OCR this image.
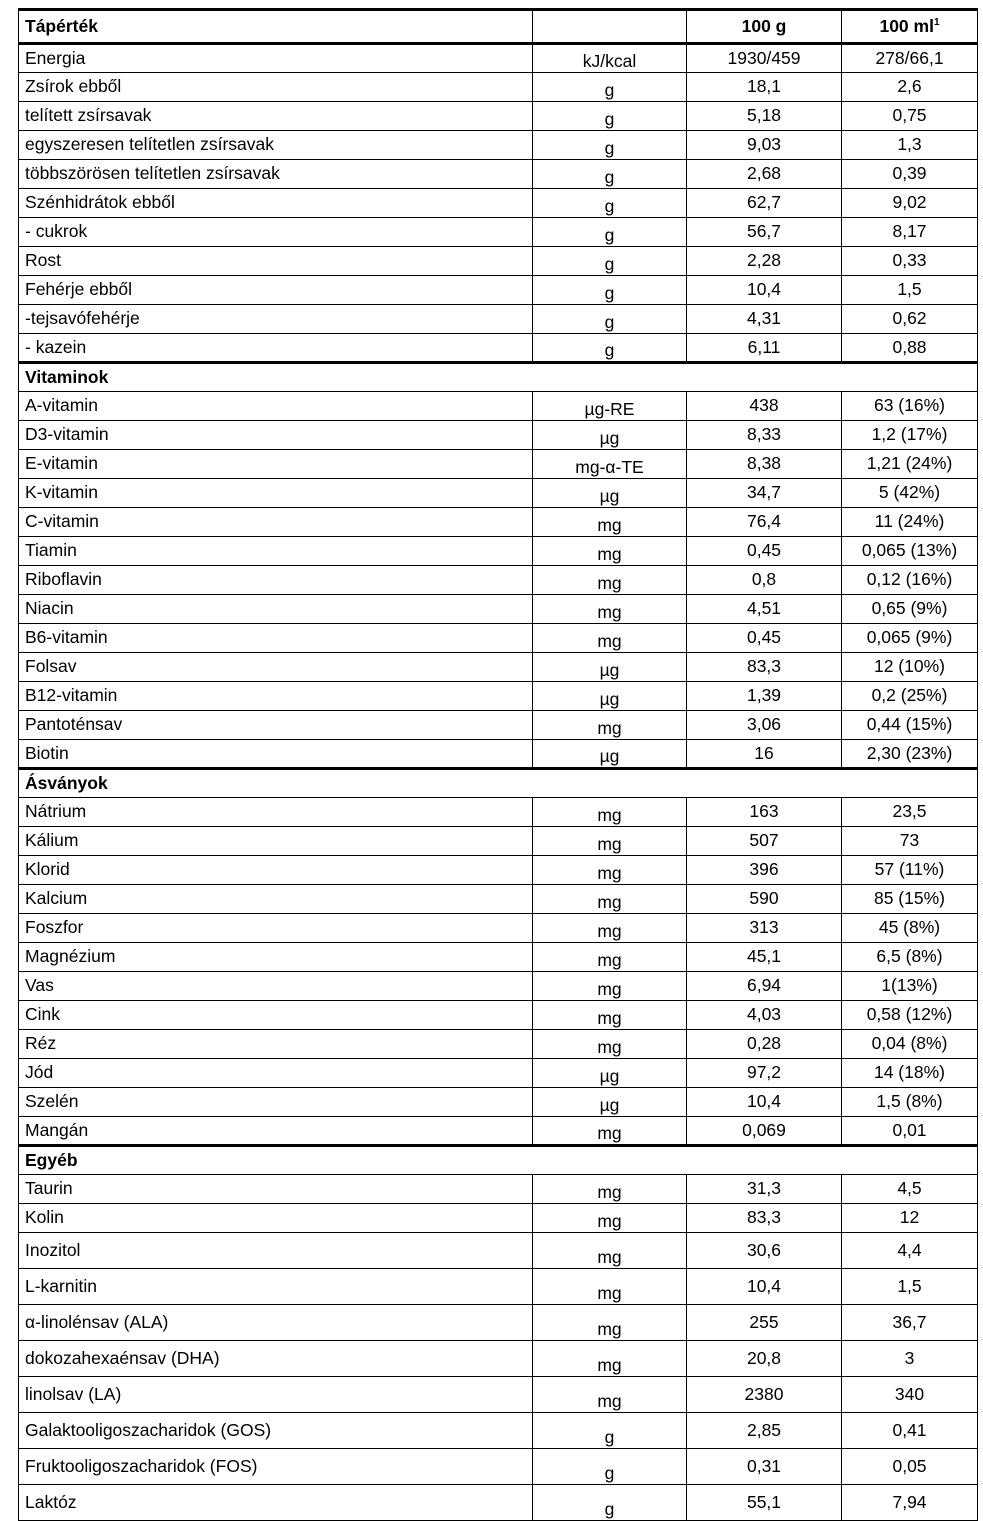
Tápérték		100 g	100 $ml^1$
Energia	kJ/kcal	1930/459	278/66,1
Zsírok ebből	g	18,1	2,6
telített zsírsavak	g	5,18	0,75
egyszeresen telítetlen zsírsavak	g	9,03	1,3
többszörösen telítetlen zsírsavak	g	2,68	0,39
Szénhidrátok ebből	g	62,7	9,02
- cukrok	g	56,7	8,17
Rost	g	2,28	0,33
Fehérje ebből	g	10,4	1,5
-tejsavófehérje	g	4,31	0,62
- kazein	g	6,11	0,88
Vitaminok			
A-vitamin	µg-RE	438	63 (16%)
D3-vitamin	µg	8,33	1,2 (17%)
E-vitamin	mg-α-TE	8,38	1,21 (24%)
K-vitamin	µg	34,7	5 (42%)
C-vitamin	mg	76,4	11 (24%)
Tiamin	mg	0,45	0,065 (13%)
Riboflavin	mg	0,8	0,12 (16%)
Niacin	mg	4,51	0,65 (9%)
B6-vitamin	mg	0,45	0,065 (9%)
Folsav	µg	83,3	12 (10%)
B12-vitamin	µg	1,39	0,2 (25%)
Pantoténsav	mg	3,06	0,44 (15%)
Biotin	µg	16	2,30 (23%)
Ásványok			
Nátrium	mg	163	23,5
Kálium	mg	507	73
Klorid	mg	396	57 (11%)
Kalcium	mg	590	85 (15%)
Foszfor	mg	313	45 (8%)
Magnézium	mg	45,1	6,5 (8%)
Vas	mg	6,94	1(13%)
Cink	mg	4,03	0,58 (12%)
Réz	mg	0,28	0,04 (8%)
Jód	µg	97,2	14 (18%)
Szelén	µg	10,4	1,5 (8%)
Mangán	mg	0,069	0,01
Egyéb			
Taurin	mg	31,3	4,5
Kolin	mg	83,3	12
Inozitol	mg	30,6	4,4
L-karnitin	mg	10,4	1,5
α-linolénsav (ALA)	mg	255	36,7
dokozahexaénsav (DHA)	mg	20,8	3
linolsav (LA)	mg	2380	340
Galaktooligoszacharidok (GOS)	g	2,85	0,41
Fruktooligoszacharidok (FOS)	g	0,31	0,05
Laktóz	g	55,1	7,94
